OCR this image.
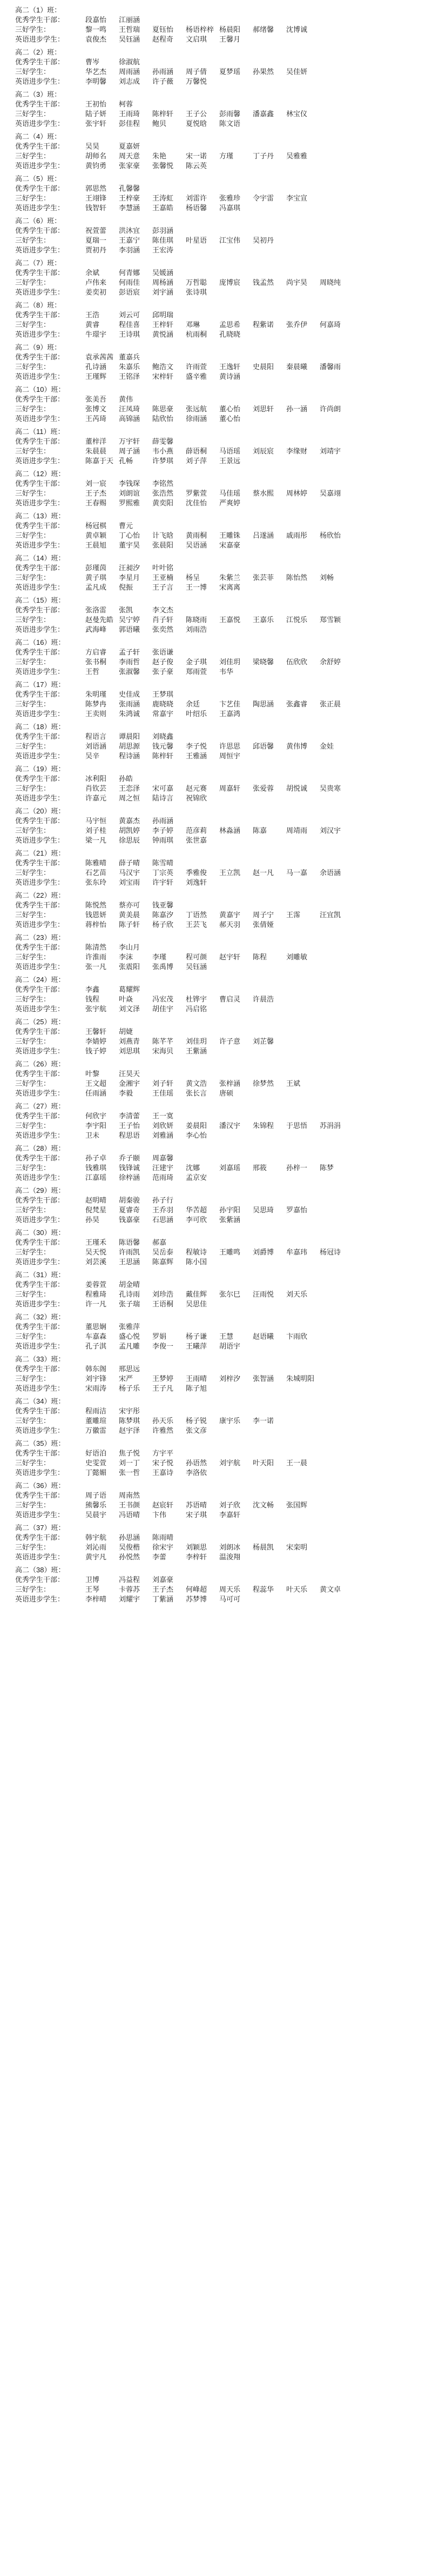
高二（1）班：
优秀学生干部：	段嘉怡	江丽涵
三好学生：	黎一鸣	王哲瑞	夏钰怡	杨语梓梓 杨晨阳	郝绪馨	沈博诚
英语进步学生：	袁俊杰	吴钰涵	赵程奇	文启琪	王馨月
高二（2）班：
优秀学生干部：	曹岑	徐淑航
三好学生：	华艺杰	周雨涵	孙雨涵	周子倩	夏梦瑶	孙果然	吴佳妍
英语进步学生：	李明馨	刘志成	许子薇	万馨悦
高二（3）班：
优秀学生干部：	王初怡	柯蓉
三好学生：	陆子妍	王雨琦	陈梓轩	王子公	彭雨馨	潘嘉鑫	林宝仪
英语进步学生：	张宇轩	彭佳程	鲍贝	夏悦晗	陈文语
高二（4）班：
优秀学生干部：	吴昊	夏嘉妍
三好学生：	胡师名	周天意	朱艳	宋一诺	方瑾	丁子丹	吴雅雅
英语进步学生：	黄钧勇	张家豪	张馨悦	陈云英
高二（5）班：
优秀学生干部：	郭思然	孔馨馨
三好学生：	王翊锋	王梓豪	王涛虹	刘雷许	张雅珍	令宇雷	李宝宣
英语进步学生：	钱智轩	李慧涵	王嘉皓	杨语馨	冯嘉琪
高二（6）班：
优秀学生干部：	祝萱蕾	洪沐宜	彭羽涵
三好学生：	夏瑞一	王嘉宁	陈佳琪	叶星语	江宝伟	吴初丹
英语进步学生：	贾初丹	李羽涵	王宏涛
高二（7）班：
优秀学生干部：	余斌	何青娜	吴媛涵
三好学生：	卢伟来	何雨佳	周杨涵	万哲聪	庞博宸	钱孟然	尚宇昊	周晓纯
英语进步学生：	姜奕初	彭语宸	刘宇涵	张诗琪
高二（8）班：
优秀学生干部：	王浩	刘云可	邱明瑞
三好学生：	黄睿	程佳喜	王梓轩	邓琳	孟思希	程紫诺	张乔伊	何嘉琦
英语进步学生：	牛璟宇	王诗琪	黄悦涵	杭雨桐	孔晓晓
高二（9）班：
优秀学生干部：	袁承茜茜 董嘉兵
三好学生：	孔诗涵	朱嘉乐	鲍浩文	许雨萱	王逸轩	史晨阳	秦晨曦	潘馨雨
英语进步学生：	王瑾辉	王铭泽	宋梓轩	盛辛雅	黄诗涵
高二（10）班：
优秀学生干部：	张美吾	黄伟
三好学生：	张博文	汪凤琦	陈思豪	张远航	董心怡	刘思轩	孙一涵	许尚朗
英语进步学生：	王芮琦	高锦涵	陆欣怡	徐雨涵	董心怡
高二（11）班：
优秀学生干部：	董梓洋	万宇轩	薛雯馨
三好学生：	朱晨晨	周子涵	韦小燕	薛语桐	马语瑶	刘辰宸	李缘财	刘靖宇
英语进步学生：	陈嘉于天 孔畅	许梦琪	刘子萍	王景远
高二（12）班：
优秀学生干部：	刘一宸	李钱琛	李铭然
三好学生：	王子杰	刘朗谊	张浩然	罗紫萱	马佳瑶	蔡水熙	周林婷	吴嘉翊
英语进步学生：	王春赐	罗熙雅	黄奕阳	沈佳怡	严爽婷
高二（13）班：
优秀学生干部：	杨冠棋	曹元
三好学生：	黄卓颖	丁心怡	计飞晗	黄雨桐	王雕铢	吕遂涵	戚雨彤	杨欣怡
英语进步学生：	王晨旭	董宇昊	张晨阳	吴语涵	宋嘉豪
高二（14）班：
优秀学生干部：	彭瑾茵	汪昶汐	叶叶铭
三好学生：	黄子琪	李星月	王亚楠	杨呈	朱紫兰	张芸菲	陈怡然	刘畅
英语进步学生：	孟凡成	倪振	王子言	王一博	宋离离
高二（15）班：
优秀学生干部：	张洛雷	张凯	李文杰
三好学生：	赵曼先皓 吴宁婷	肖子轩	陈晓雨	王嘉悦	王嘉乐	江悦乐	郑雪颖
英语进步学生：	武海峰	郭语曦	张奕然	刘雨浩
高二（16）班：
优秀学生干部：	方启睿	孟子轩	张语谦
三好学生：	张书桐	李雨哲	赵子俊	金子琪	刘佳玥	梁晓馨	伍欣欣	余舒婷
英语进步学生：	王哲	张淑馨	张子豪	郑雨萱	韦华
高二（17）班：
优秀学生干部：	朱明瑾	史佳成	王梦琪
三好学生：	陈梦冉	张雨涵	鹿晓晓	余廷	卞艺佳	陶思涵	张鑫睿	张正晨
英语进步学生：	王卖则	朱鸿诚	常嘉宇	叶绍乐	王嘉鸿
高二（18）班：
优秀学生干部：	程语言	谭晨阳	刘晓鑫
三好学生：	刘语涵	胡思源	钱元馨	李子悦	许思思	邱语馨	黄伟博	金娃
英语进步学生：	吴辛	程诗涵	陈梓轩	王雅涵	周恒宇
高二（19）班：
优秀学生干部：	冰利阳	孙皓
三好学生：	肖钦芸	王恋泽	宋可嘉	赵元赛	周嘉轩	张爱蓉	胡悦诚	吴贵寒
英语进步学生：	许嘉元	周之恒	陆诗言	祝锦欣
高二（20）班：
优秀学生干部：	马宇恒	黄嘉杰	孙雨涵
三好学生：	刘子桂	胡凯婷	李子婷	范彦莉	林淼涵	陈嘉	周靖雨	刘汉宇
英语进步学生：	梁一凡	徐思辰	钟雨琪	张世嘉
高二（21）班：
优秀学生干部：	陈雅晴	薛子晴	陈雪晴
三好学生：	石艺苗	马汉宇	丁宗英	季雅俊	王立凯	赵一凡	马一嘉	余语涵
英语进步学生：	张东玲	刘宝雨	许宇轩	刘逸轩
高二（22）班：
优秀学生干部：	陈悦然	蔡亦可	钱亚馨
三好学生：	钱恩妍	黄美晨	陈嘉汐	丁语然	黄嘉宇	周子宁	王霈	汪宜凯
英语进步学生：	蒋梓怡	陈子轩	杨子欣	王芸飞	郝天羽	张倩娅
高二（23）班：
优秀学生干部：	陈清然	李山月
三好学生：	许淮雨	李沫	李瑾	程可颜	赵宇轩	陈程	刘雕敏
英语进步学生：	张一凡	张震阳	张禹博	吴钰涵
高二（24）班：
优秀学生干部：	李鑫	葛耀辉
三好学生：	钱程	叶焱	冯宏茂	杜铧宇	曹启灵	许晨浩
英语进步学生：	张宇航	刘文泽	胡佳宇	冯启铭
高二（25）班：
优秀学生干部：	王馨轩	胡婕
三好学生：	李婧婷	刘燕青	陈芊芊	刘佳玥	许子意	刘芷馨
英语进步学生：	钱子婷	刘思琪	宋海贝	王紫涵
高二（26）班：
优秀学生干部：	叶黎	汪昊天
三好学生：	王文超	金湘宇	刘子轩	黄文浩	张梓涵	徐梦然	王斌
英语进步学生：	任雨涵	李毅	王佳瑶	张长言	唐硕
高二（27）班：
优秀学生干部：	何欣宇	李清蕾	王一寞
三好学生：	李宇阳	王子怡	刘欣妍	姜晨阳	潘汉宇	朱锦程	于思悟	苏涓涓
英语进步学生：	卫未	程思语	刘雅涵	李心怡
高二（28）班：
优秀学生干部：	孙子卓	乔子颐	周嘉馨
三好学生：	钱雅琪	钱锋诚	汪建宇	沈娜	刘嘉瑶	邢筱	孙梓一	陈梦
英语进步学生：	江嘉瑶	徐梓涵	范雨琦	孟京安
高二（29）班：
优秀学生干部：	赵明晴	胡秦骏	孙子行
三好学生：	倪梵星	夏睿奇	王乔羽	华苦超	孙宇阳	吴思琦	罗嘉怡
英语进步学生：	孙昊	钱嘉豪	石思涵	李可欣	张紫涵
高二（30）班：
优秀学生干部：	王瑾禾	陈语馨	郝嘉
三好学生：	吴天悦	许雨凯	吴岳泰	程敏诗	王雕鸣	刘爵博	牟嘉玮	杨冠诗
英语进步学生：	刘芸溪	王思涵	陈嘉辉	陈小国
高二（31）班：
优秀学生干部：	姜蓉萱	胡金晴
三好学生：	程雅琦	孔诗雨	刘珍浩	戴佳辉	张尔巳	汪雨悦	刘天乐
英语进步学生：	许一凡	张子瑞	王语桐	吴思佳
高二（32）班：
优秀学生干部：	董思娴	张雅萍
三好学生：	车嘉森	盛心悦	罗娟	杨子谦	王慧	赵语曦	卞雨欣
英语进步学生：	孔子淇	孟凡雕	李俊一	王曦萍	胡语宇
高二（33）班：
优秀学生干部：	韩东阁	邢思远
三好学生：	刘宇锋	宋严	王梦婷	王雨晴	刘梓汐	张智涵	朱城明阳
英语进步学生：	宋雨涛	杨子乐	王子凡	陈子旭
高二（34）班：
优秀学生干部：	程雨洁	宋宇彤
三好学生：	董雕瑄	陈梦琪	孙天乐	杨子锐	康宇乐	李一诺
英语进步学生：	万徽雷	赵宇泽	许雅然	张文彦
高二（35）班：
优秀学生干部：	好语泊	焦子悦	方宇平
三好学生：	史雯萱	刘一丁	宋子悦	孙语然	刘宇航	叶天阳	王一晨
英语进步学生：	丁懿媚	张一哲	王嘉诗	李洛依
高二（36）班：
优秀学生干部：	周子语	周南然
三好学生：	熊馨乐	王书颜	赵宸轩	苏语晴	刘子欣	沈文畅	张国辉
英语进步学生：	吴晨宇	冯语晴	卞伟	宋子琪	李嘉轩
高二（37）班：
优秀学生干部：	韩宇航	孙思涵	陈雨晴
三好学生：	刘沁雨	吴俊楷	徐宋宇	刘颖思	刘朗冰	杨晨凯	宋栾明
英语进步学生：	黄宇凡	孙悦然	李蕾	李梓轩	温浚翔
高二（38）班：
优秀学生干部：	卫博	冯益程	刘嘉豪
三好学生：	王琴	卡蓉苏	王子杰	何峰超	周天乐	程蕊华	叶天乐	黄文卓
英语进步学生：	李梓晴	刘耀宇	丁紫涵	苏梦博	马可可
